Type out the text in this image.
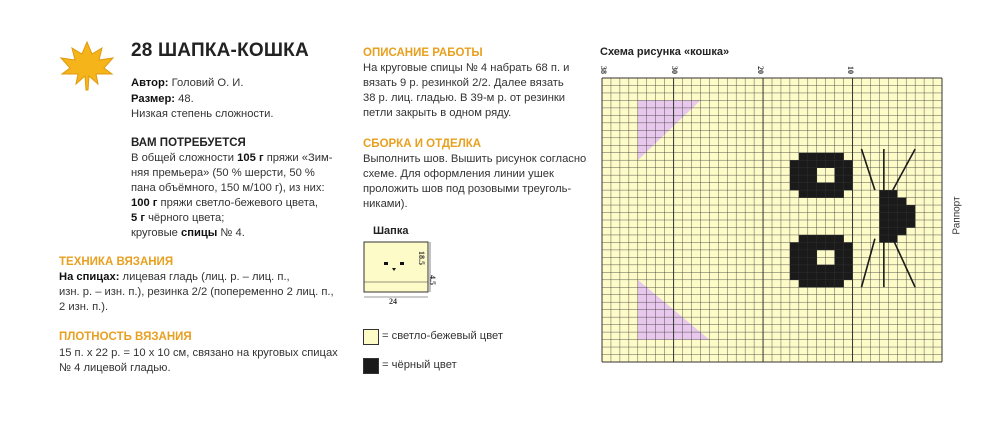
28 ШАПКА-КОШКА
Автор: Головий О. И.
Размер: 48.
Низкая степень сложности.
ВАМ ПОТРЕБУЕТСЯ
В общей сложности 105 г пряжи «Зим-
няя премьера» (50 % шерсти, 50 %
пана объёмного, 150 м/100 г), из них:
100 г пряжи светло-бежевого цвета,
5 г чёрного цвета;
круговые спицы № 4.
ТЕХНИКА ВЯЗАНИЯ
На спицах: лицевая гладь (лиц. р. – лиц. п.,
изн. р. – изн. п.), резинка 2/2 (попеременно 2 лиц. п.,
2 изн. п.).
ПЛОТНОСТЬ ВЯЗАНИЯ
15 п. х 22 р. = 10 х 10 см, связано на круговых спицах
№ 4 лицевой гладью.
ОПИСАНИЕ РАБОТЫ
На круговые спицы № 4 набрать 68 п. и
вязать 9 р. резинкой 2/2. Далее вязать
38 р. лиц. гладью. В 39-м р. от резинки
петли закрыть в одном ряду.
СБОРКА И ОТДЕЛКА
Выполнить шов. Вышить рисунок согласно
схеме. Для оформления линии ушек
проложить шов под розовыми треуголь-
никами).
Шапка
18.5
4.5
24
= светло-бежевый цвет
= чёрный цвет
Схема рисунка «кошка»
38	30	20	10
Раппорт
